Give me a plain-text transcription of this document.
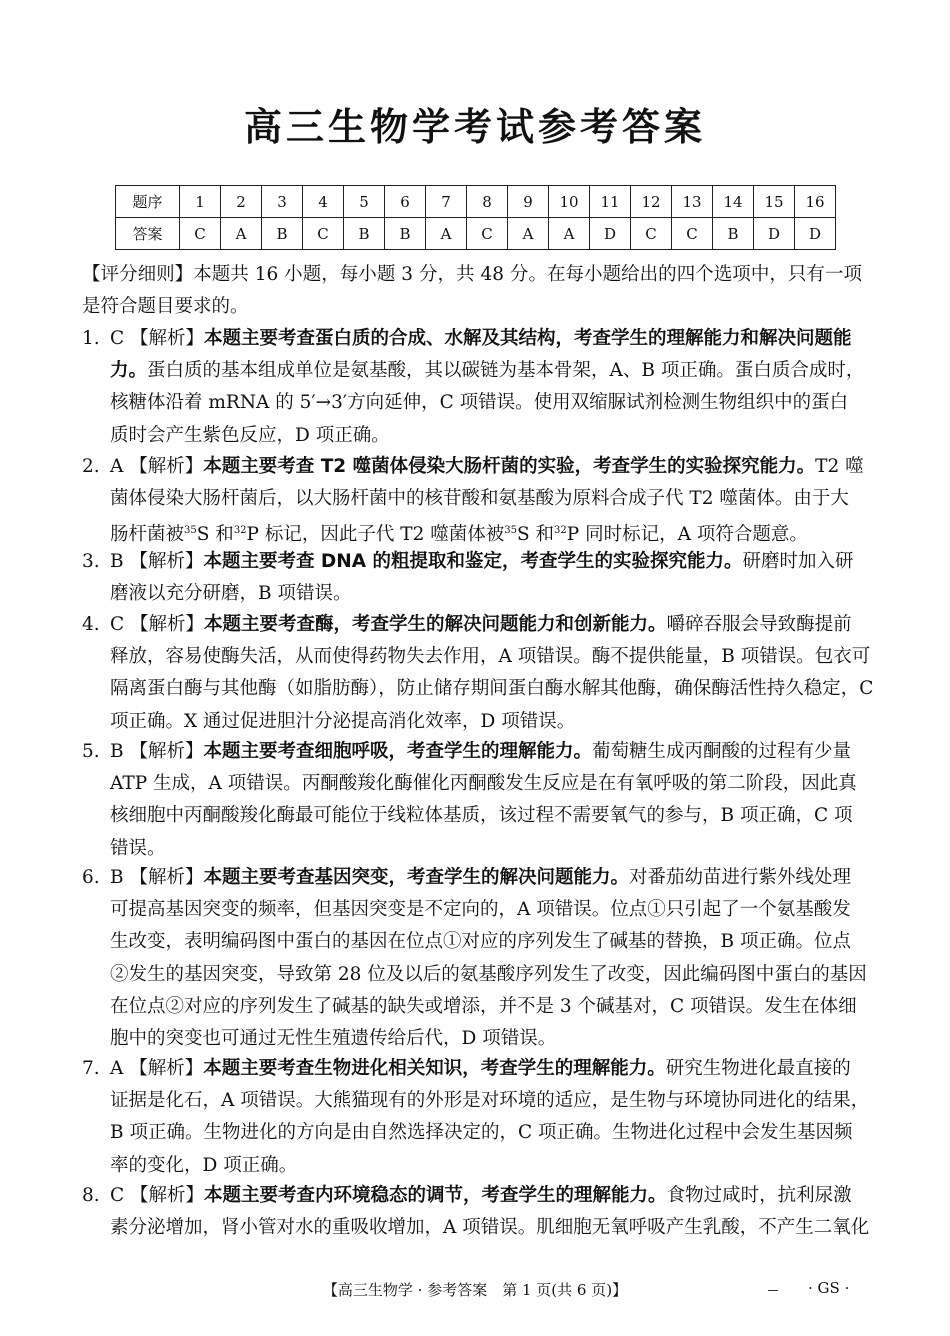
高三生物学考试参考答案
题序	1	2	3	4	5	6	7	8	9	10	11	12	13	14	15	16
答案	C	A	B	C	B	B	A	C	A	A	D	C	C	B	D	D
【评分细则】本题共 16 小题，每小题 3 分，共 48 分。在每小题给出的四个选项中，只有一项是符合题目要求的。
1. C 【解析】本题主要考查蛋白质的合成、水解及其结构，考查学生的理解能力和解决问题能
力。蛋白质的基本组成单位是氨基酸，其以碳链为基本骨架，A、B 项正确。蛋白质合成时，
核糖体沿着 mRNA 的 5′→3′方向延伸，C 项错误。使用双缩脲试剂检测生物组织中的蛋白
质时会产生紫色反应，D 项正确。
2. A 【解析】本题主要考查 T2 噬菌体侵染大肠杆菌的实验，考查学生的实验探究能力。T2 噬
菌体侵染大肠杆菌后，以大肠杆菌中的核苷酸和氨基酸为原料合成子代 T2 噬菌体。由于大
肠杆菌被$^{35}$S 和$^{32}$P 标记，因此子代 T2 噬菌体被$^{35}$S 和$^{32}$P 同时标记，A 项符合题意。
3. B 【解析】本题主要考查 DNA 的粗提取和鉴定，考查学生的实验探究能力。研磨时加入研
磨液以充分研磨，B 项错误。
4. C 【解析】本题主要考查酶，考查学生的解决问题能力和创新能力。嚼碎吞服会导致酶提前
释放，容易使酶失活，从而使得药物失去作用，A 项错误。酶不提供能量，B 项错误。包衣可
隔离蛋白酶与其他酶（如脂肪酶），防止储存期间蛋白酶水解其他酶，确保酶活性持久稳定，C
项正确。X 通过促进胆汁分泌提高消化效率，D 项错误。
5. B 【解析】本题主要考查细胞呼吸，考查学生的理解能力。葡萄糖生成丙酮酸的过程有少量
ATP 生成，A 项错误。丙酮酸羧化酶催化丙酮酸发生反应是在有氧呼吸的第二阶段，因此真
核细胞中丙酮酸羧化酶最可能位于线粒体基质，该过程不需要氧气的参与，B 项正确，C 项
错误。
6. B 【解析】本题主要考查基因突变，考查学生的解决问题能力。对番茄幼苗进行紫外线处理
可提高基因突变的频率，但基因突变是不定向的，A 项错误。位点①只引起了一个氨基酸发
生改变，表明编码图中蛋白的基因在位点①对应的序列发生了碱基的替换，B 项正确。位点
②发生的基因突变，导致第 28 位及以后的氨基酸序列发生了改变，因此编码图中蛋白的基因
在位点②对应的序列发生了碱基的缺失或增添，并不是 3 个碱基对，C 项错误。发生在体细
胞中的突变也可通过无性生殖遗传给后代，D 项错误。
7. A 【解析】本题主要考查生物进化相关知识，考查学生的理解能力。研究生物进化最直接的
证据是化石，A 项错误。大熊猫现有的外形是对环境的适应，是生物与环境协同进化的结果，
B 项正确。生物进化的方向是由自然选择决定的，C 项正确。生物进化过程中会发生基因频
率的变化，D 项正确。
8. C 【解析】本题主要考查内环境稳态的调节，考查学生的理解能力。食物过咸时，抗利尿激
素分泌增加，肾小管对水的重吸收增加，A 项错误。肌细胞无氧呼吸产生乳酸，不产生二氧化
【高三生物学 · 参考答案　第 1 页(共 6 页)】	· GS ·
